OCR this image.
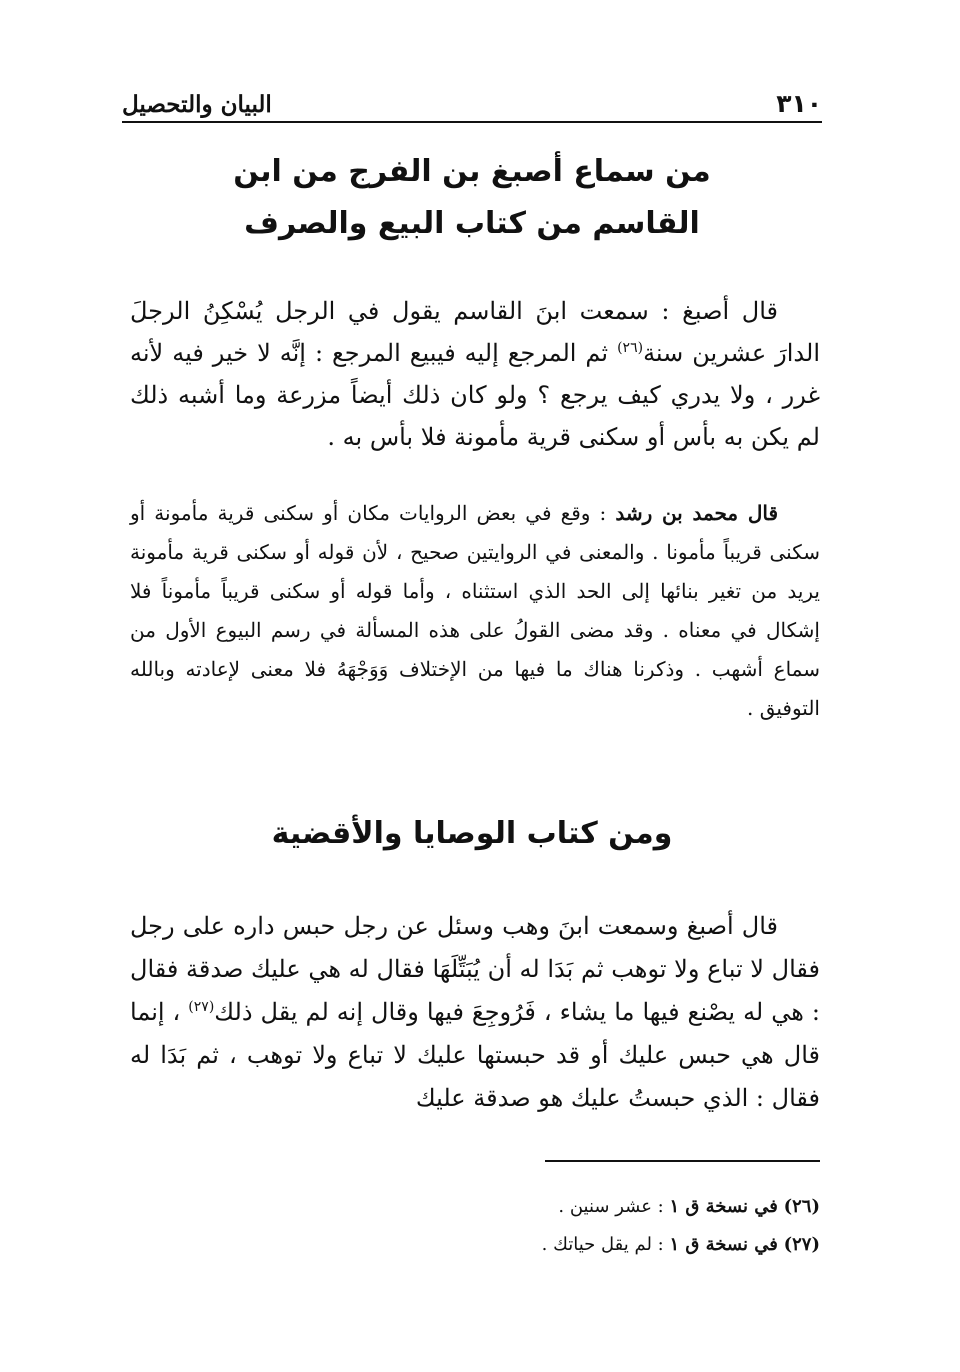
٣١٠
البيان والتحصيل
من سماع أصبغ بن الفرج من ابن
القاسم من كتاب البيع والصرف

قال أصبغ : سمعت ابنَ القاسم يقول في الرجل يُسْكِنُ الرجلَ الدارَ عشرين سنة$^{(٢٦)}$ ثم المرجع إليه فيبيع المرجع : إنَّه لا خير فيه لأنه غرر ، ولا يدري كيف يرجع ؟ ولو كان ذلك أيضاً مزرعة وما أشبه ذلك لم يكن به بأس أو سكنى قرية مأمونة فلا بأس به .

قال محمد بن رشد : وقع في بعض الروايات مكان أو سكنى قرية مأمونة أو سكنى قريباً مأمونا . والمعنى في الروايتين صحيح ، لأن قوله أو سكنى قرية مأمونة يريد من تغير بنائها إلى الحد الذي استثناه ، وأما قوله أو سكنى قريباً مأموناً فلا إشكال في معناه . وقد مضى القولُ على هذه المسألة في رسم البيوع الأول من سماع أشهب . وذكرنا هناك ما فيها من الإختلاف وَوَجْهَهُ فلا معنى لإعادته وبالله التوفيق .

ومن كتاب الوصايا والأقضية

قال أصبغ وسمعت ابنَ وهب وسئل عن رجل حبس داره على رجل فقال لا تباع ولا توهب ثم بَدَا له أن يُبَتِّلَهَا فقال له هي عليك صدقة فقال : هي له يصْنع فيها ما يشاء ، فَرُوجِعَ فيها وقال إنه لم يقل ذلك$^{(٢٧)}$ ، إنما قال هي حبس عليك أو قد حبستها عليك لا تباع ولا توهب ، ثم بَدَا له فقال : الذي حبستُ عليك هو صدقة عليك

(٢٦) في نسخة ق ١ : عشر سنين .
(٢٧) في نسخة ق ١ : لم يقل حياتك .
